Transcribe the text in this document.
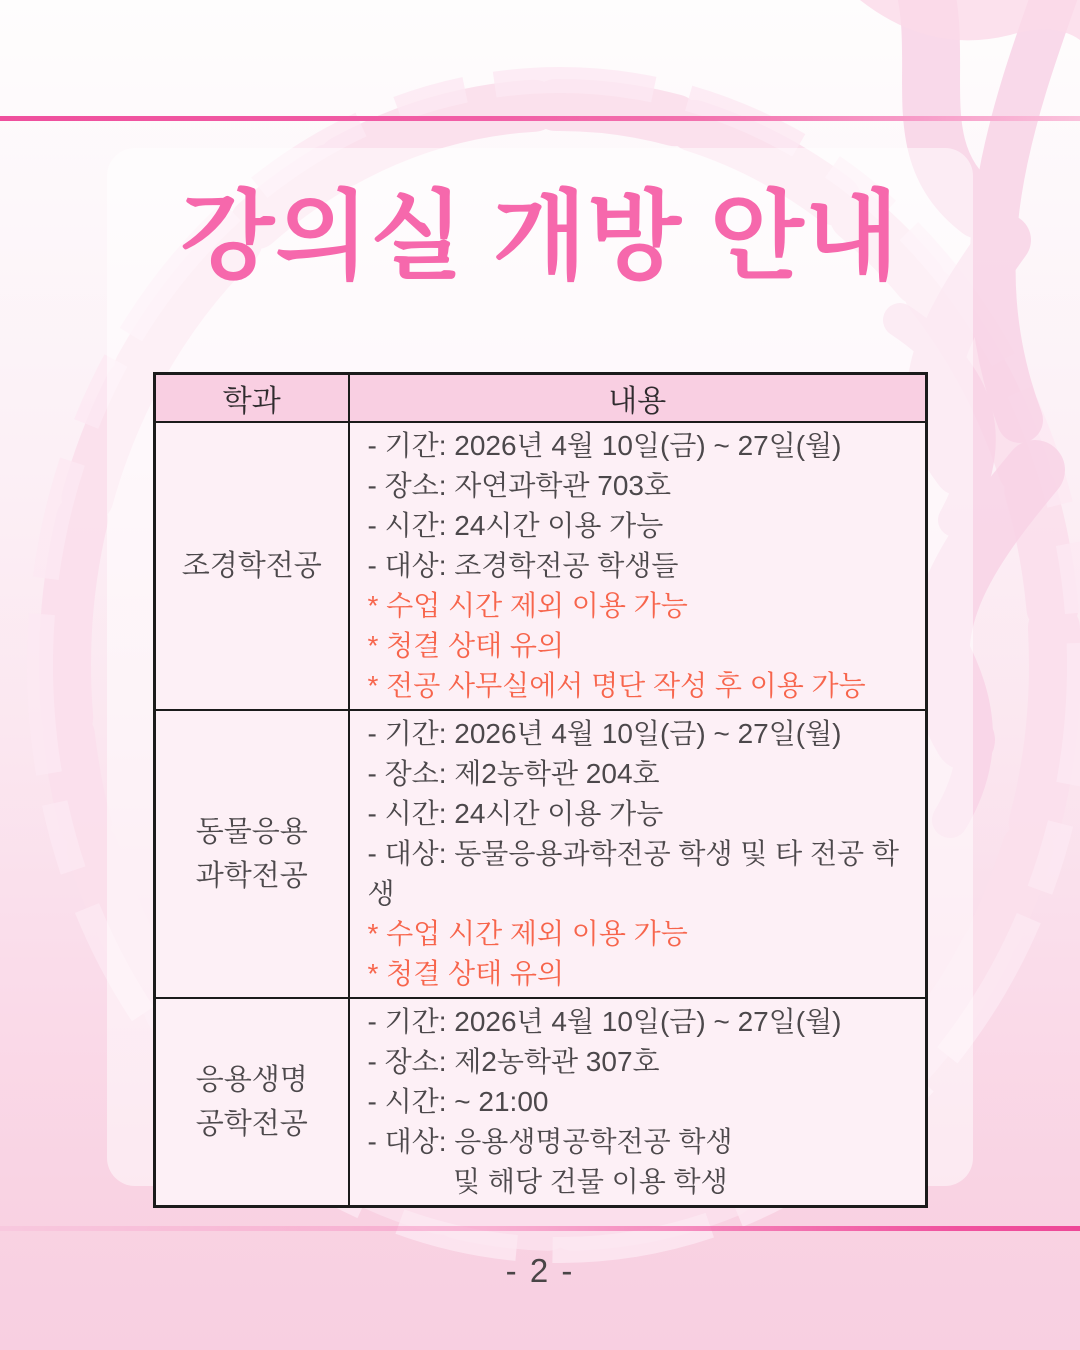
강의실 개방 안내
학과	내용

조경학전공

- 기간: 2026년 4월 10일(금) ~ 27일(월)
- 장소: 자연과학관 703호
- 시간: 24시간 이용 가능
- 대상: 조경학전공 학생들
* 수업 시간 제외 이용 가능
* 청결 상태 유의
* 전공 사무실에서 명단 작성 후 이용 가능

동물응용
과학전공

- 기간: 2026년 4월 10일(금) ~ 27일(월)
- 장소: 제2농학관 204호
- 시간: 24시간 이용 가능
- 대상: 동물응용과학전공 학생 및 타 전공 학생
* 수업 시간 제외 이용 가능
* 청결 상태 유의

응용생명
공학전공

- 기간: 2026년 4월 10일(금) ~ 27일(월)
- 장소: 제2농학관 307호
- 시간: ~ 21:00
- 대상: 응용생명공학전공 학생
및 해당 건물 이용 학생
- 2 -
